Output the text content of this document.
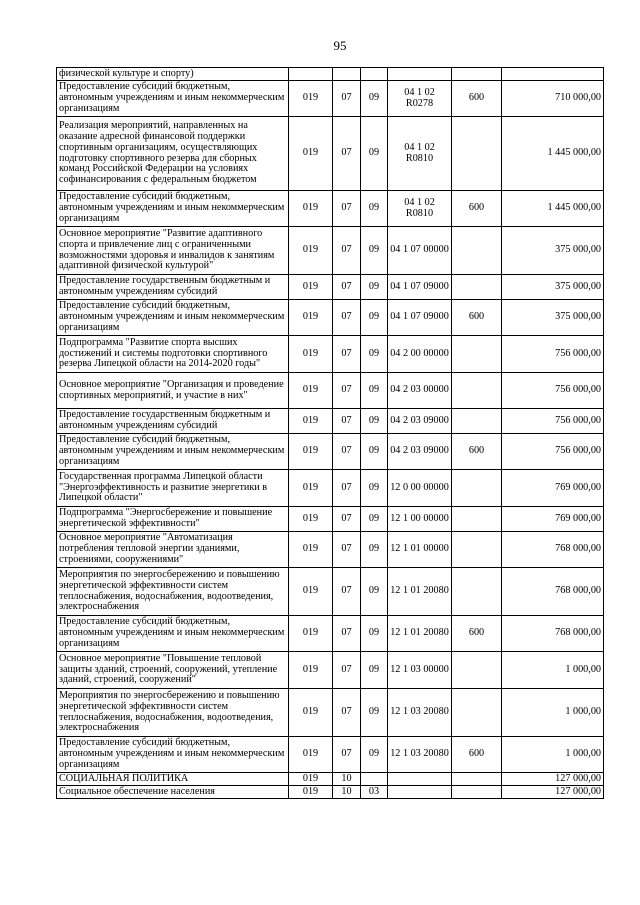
95
физической культуре и спорту)						
Предоставление субсидий бюджетным, автономным учреждениям и иным некоммерческим организациям	019	07	09	04 1 02 R0278	600	710 000,00
Реализация мероприятий, направленных на оказание адресной финансовой поддержки спортивным организациям, осуществляющих подготовку спортивного резерва для сборных команд Российской Федерации на условиях софинансирования с федеральным бюджетом	019	07	09	04 1 02 R0810		1 445 000,00
Предоставление субсидий бюджетным, автономным учреждениям и иным некоммерческим организациям	019	07	09	04 1 02 R0810	600	1 445 000,00
Основное мероприятие "Развитие адаптивного спорта и привлечение лиц с ограниченными возможностями здоровья и инвалидов к занятиям адаптивной физической культурой"	019	07	09	04 1 07 00000		375 000,00
Предоставление государственным бюджетным и автономным учреждениям субсидий	019	07	09	04 1 07 09000		375 000,00
Предоставление субсидий бюджетным, автономным учреждениям и иным некоммерческим организациям	019	07	09	04 1 07 09000	600	375 000,00
Подпрограмма "Развитие спорта высших достижений и системы подготовки спортивного резерва Липецкой области на 2014-2020 годы"	019	07	09	04 2 00 00000		756 000,00
Основное мероприятие "Организация и проведение спортивных мероприятий, и участие в них"	019	07	09	04 2 03 00000		756 000,00
Предоставление государственным бюджетным и автономным учреждениям субсидий	019	07	09	04 2 03 09000		756 000,00
Предоставление субсидий бюджетным, автономным учреждениям и иным некоммерческим организациям	019	07	09	04 2 03 09000	600	756 000,00
Государственная программа Липецкой области "Энергоэффективность и развитие энергетики в Липецкой области"	019	07	09	12 0 00 00000		769 000,00
Подпрограмма "Энергосбережение и повышение энергетической эффективности"	019	07	09	12 1 00 00000		769 000,00
Основное мероприятие "Автоматизация потребления тепловой энергии зданиями, строениями, сооружениями"	019	07	09	12 1 01 00000		768 000,00
Мероприятия по энергосбережению и повышению энергетической эффективности систем теплоснабжения, водоснабжения, водоотведения, электроснабжения	019	07	09	12 1 01 20080		768 000,00
Предоставление субсидий бюджетным, автономным учреждениям и иным некоммерческим организациям	019	07	09	12 1 01 20080	600	768 000,00
Основное мероприятие "Повышение тепловой защиты зданий, строений, сооружений, утепление зданий, строений, сооружений"	019	07	09	12 1 03 00000		1 000,00
Мероприятия по энергосбережению и повышению энергетической эффективности систем теплоснабжения, водоснабжения, водоотведения, электроснабжения	019	07	09	12 1 03 20080		1 000,00
Предоставление субсидий бюджетным, автономным учреждениям и иным некоммерческим организациям	019	07	09	12 1 03 20080	600	1 000,00
СОЦИАЛЬНАЯ ПОЛИТИКА	019	10				127 000,00
Социальное обеспечение населения	019	10	03			127 000,00
